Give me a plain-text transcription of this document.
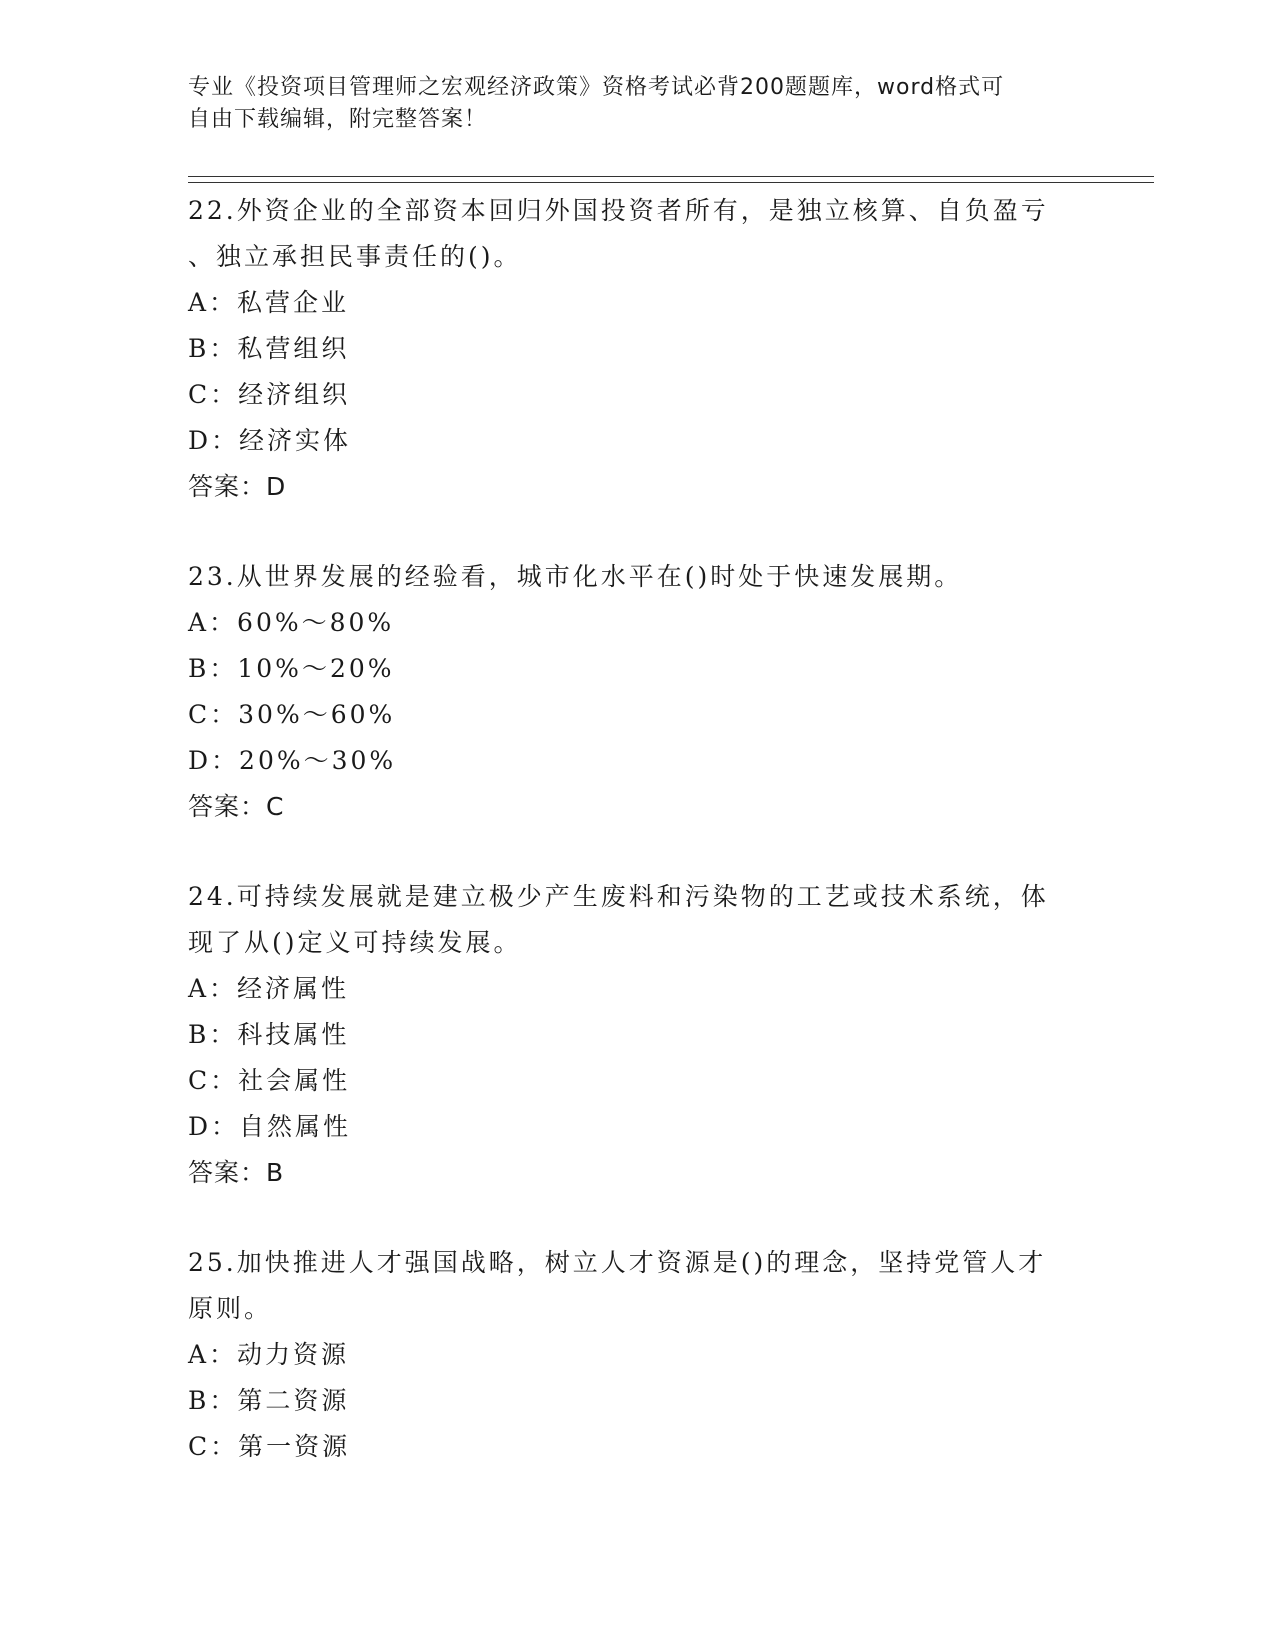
专业《投资项目管理师之宏观经济政策》资格考试必背200题题库，word格式可
自由下载编辑，附完整答案！

22.外资企业的全部资本回归外国投资者所有，是独立核算、自负盈亏

、独立承担民事责任的()。

A：私营企业

B：私营组织

C：经济组织

D：经济实体

答案：D

23.从世界发展的经验看，城市化水平在()时处于快速发展期。

A：60%～80%

B：10%～20%

C：30%～60%

D：20%～30%

答案：C

24.可持续发展就是建立极少产生废料和污染物的工艺或技术系统，体

现了从()定义可持续发展。

A：经济属性

B：科技属性

C：社会属性

D：自然属性

答案：B

25.加快推进人才强国战略，树立人才资源是()的理念，坚持党管人才

原则。

A：动力资源

B：第二资源

C：第一资源
